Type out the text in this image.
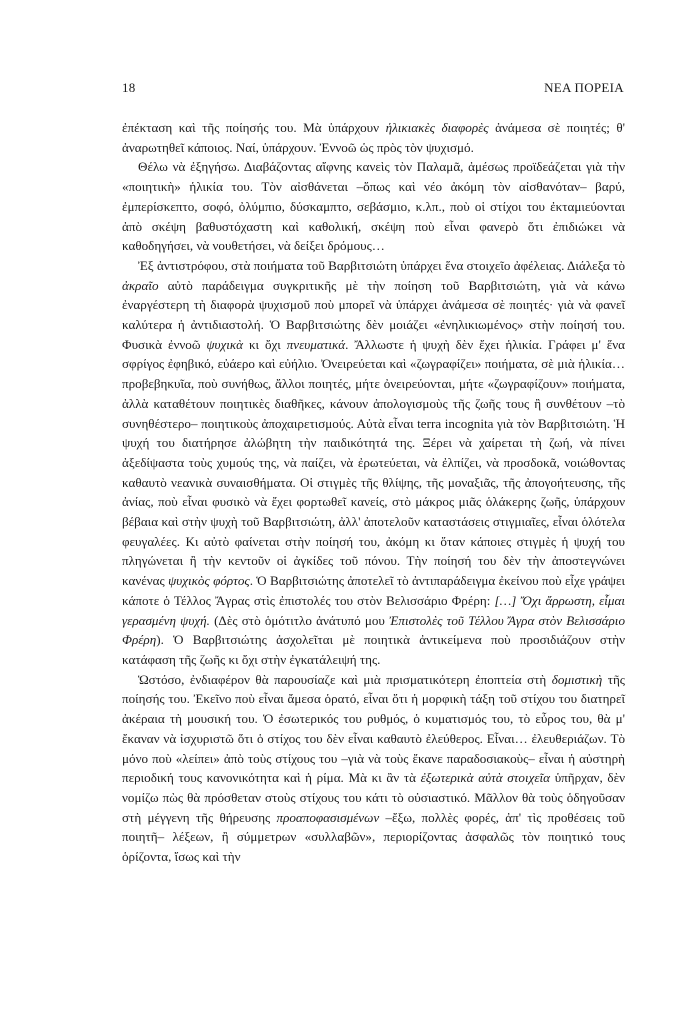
18	ΝΕΑ ΠΟΡΕΙΑ

ἐπέκταση καὶ τῆς ποίησής του. Μὰ ὑπάρχουν ἡλικιακὲς διαφορὲς ἀνάμεσα σὲ ποιητές; θ' ἀναρωτηθεῖ κάποιος. Ναί, ὑπάρχουν. Ἐννοῶ ὡς πρὸς τὸν ψυχισμό.

Θέλω νὰ ἐξηγήσω. Διαβάζοντας αἴφνης κανεὶς τὸν Παλαμᾶ, ἀμέσως προϊδεάζεται γιὰ τὴν «ποιητικὴ» ἡλικία του. Τὸν αἰσθάνεται –ὅπως καὶ νέο ἀκόμη τὸν αἰσθανόταν– βαρύ, ἐμπερίσκεπτο, σοφό, ὀλύμπιο, δύσκαμπτο, σεβάσμιο, κ.λπ., ποὺ οἱ στίχοι του ἐκταμιεύονται ἀπὸ σκέψη βαθυστόχαστη καὶ καθολική, σκέψη ποὺ εἶναι φανερὸ ὅτι ἐπιδιώκει νὰ καθοδηγήσει, νὰ νουθετήσει, νὰ δείξει δρόμους…

Ἐξ ἀντιστρόφου, στὰ ποιήματα τοῦ Βαρβιτσιώτη ὑπάρχει ἕνα στοιχεῖο ἀφέλειας. Διάλεξα τὸ ἀκραῖο αὐτὸ παράδειγμα συγκριτικῆς μὲ τὴν ποίηση τοῦ Βαρβιτσιώτη, γιὰ νὰ κάνω ἐναργέστερη τὴ διαφορὰ ψυχισμοῦ ποὺ μπορεῖ νὰ ὑπάρχει ἀνάμεσα σὲ ποιητές· γιὰ νὰ φανεῖ καλύτερα ἡ ἀντιδιαστολή. Ὁ Βαρβιτσιώτης δὲν μοιάζει «ἐνηλικιωμένος» στὴν ποίησή του. Φυσικὰ ἐννοῶ ψυχικὰ κι ὄχι πνευματικά. Ἄλλωστε ἡ ψυχὴ δὲν ἔχει ἡλικία. Γράφει μ' ἕνα σφρίγος ἐφηβικό, εὐάερο καὶ εὐήλιο. Ὀνειρεύεται καὶ «ζωγραφίζει» ποιήματα, σὲ μιὰ ἡλικία… προβεβηκυῖα, ποὺ συνήθως, ἄλλοι ποιητές, μήτε ὀνειρεύονται, μήτε «ζωγραφίζουν» ποιήματα, ἀλλὰ καταθέτουν ποιητικὲς διαθῆκες, κάνουν ἀπολογισμοὺς τῆς ζωῆς τους ἢ συνθέτουν –τὸ συνηθέστερο– ποιητικοὺς ἀποχαιρετισμούς. Αὐτὰ εἶναι terra incognita γιὰ τὸν Βαρβιτσιώτη. Ἡ ψυχή του διατήρησε ἀλώβητη τὴν παιδικότητά της. Ξέρει νὰ χαίρεται τὴ ζωή, νὰ πίνει ἀξεδίψαστα τοὺς χυμούς της, νὰ παίζει, νὰ ἐρωτεύεται, νὰ ἐλπίζει, νὰ προσδοκᾶ, νοιώθοντας καθαυτὸ νεανικὰ συναισθήματα. Οἱ στιγμὲς τῆς θλίψης, τῆς μοναξιᾶς, τῆς ἀπογοήτευσης, τῆς ἀνίας, ποὺ εἶναι φυσικὸ νὰ ἔχει φορτωθεῖ κανείς, στὸ μάκρος μιᾶς ὁλάκερης ζωῆς, ὑπάρχουν βέβαια καὶ στὴν ψυχὴ τοῦ Βαρβιτσιώτη, ἀλλ' ἀποτελοῦν καταστάσεις στιγμιαῖες, εἶναι ὁλότελα φευγαλέες. Κι αὐτὸ φαίνεται στὴν ποίησή του, ἀκόμη κι ὅταν κάποιες στιγμὲς ἡ ψυχή του πληγώνεται ἢ τὴν κεντοῦν οἱ ἀγκίδες τοῦ πόνου. Τὴν ποίησή του δὲν τὴν ἀποστεγνώνει κανένας ψυχικὸς φόρτος. Ὁ Βαρβιτσιώτης ἀποτελεῖ τὸ ἀντιπαράδειγμα ἐκείνου ποὺ εἶχε γράψει κάποτε ὁ Τέλλος Ἄγρας στὶς ἐπιστολές του στὸν Βελισσάριο Φρέρη: […] Ὄχι ἄρρωστη, εἶμαι γερασμένη ψυχή. (Δὲς στὸ ὁμότιτλο ἀνάτυπό μου Ἐπιστολὲς τοῦ Τέλλου Ἄγρα στὸν Βελισσάριο Φρέρη). Ὁ Βαρβιτσιώτης ἀσχολεῖται μὲ ποιητικὰ ἀντικείμενα ποὺ προσιδιάζουν στὴν κατάφαση τῆς ζωῆς κι ὄχι στὴν ἐγκατάλειψή της.

Ὡστόσο, ἐνδιαφέρον θὰ παρουσίαζε καὶ μιὰ πρισματικότερη ἐποπτεία στὴ δομιστικὴ τῆς ποίησής του. Ἐκεῖνο ποὺ εἶναι ἄμεσα ὁρατό, εἶναι ὅτι ἡ μορφικὴ τάξη τοῦ στίχου του διατηρεῖ ἀκέραια τὴ μουσική του. Ὁ ἐσωτερικός του ρυθμός, ὁ κυματισμός του, τὸ εὖρος του, θὰ μ' ἔκαναν νὰ ἰσχυριστῶ ὅτι ὁ στίχος του δὲν εἶναι καθαυτὸ ἐλεύθερος. Εἶναι… ἐλευθεριάζων. Τὸ μόνο ποὺ «λείπει» ἀπὸ τοὺς στίχους του –γιὰ νὰ τοὺς ἔκανε παραδοσιακοὺς– εἶναι ἡ αὐστηρὴ περιοδική τους κανονικότητα καὶ ἡ ρίμα. Μὰ κι ἂν τὰ ἐξωτερικὰ αὐτὰ στοιχεῖα ὑπῆρχαν, δὲν νομίζω πὼς θὰ πρόσθεταν στοὺς στίχους του κάτι τὸ οὐσιαστικό. Μᾶλλον θὰ τοὺς ὁδηγοῦσαν στὴ μέγγενη τῆς θήρευσης προαποφασισμένων –ἔξω, πολλὲς φορές, ἀπ' τὶς προθέσεις τοῦ ποιητῆ– λέξεων, ἢ σύμμετρων «συλλαβῶν», περιορίζοντας ἀσφαλῶς τὸν ποιητικό τους ὁρίζοντα, ἴσως καὶ τὴν
